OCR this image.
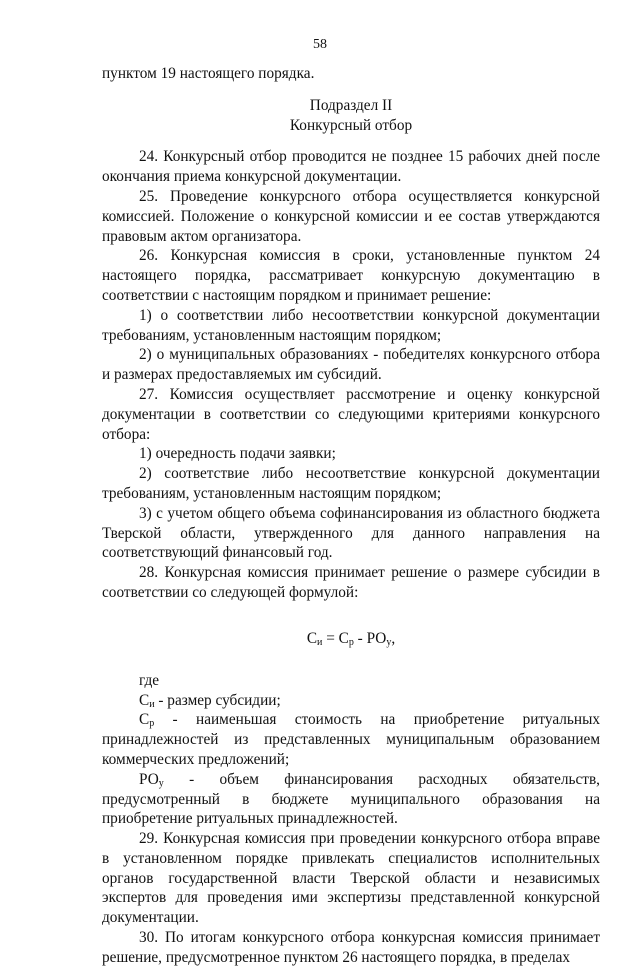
58

пунктом 19 настоящего порядка.

Подраздел II
Конкурсный отбор

24. Конкурсный отбор проводится не позднее 15 рабочих дней после окончания приема конкурсной документации.

25. Проведение конкурсного отбора осуществляется конкурсной комиссией. Положение о конкурсной комиссии и ее состав утверждаются правовым актом организатора.

26. Конкурсная комиссия в сроки, установленные пунктом 24 настоящего порядка, рассматривает конкурсную документацию в соответствии с настоящим порядком и принимает решение:

1) о соответствии либо несоответствии конкурсной документации требованиям, установленным настоящим порядком;

2) о муниципальных образованиях - победителях конкурсного отбора и размерах предоставляемых им субсидий.

27. Комиссия осуществляет рассмотрение и оценку конкурсной документации в соответствии со следующими критериями конкурсного отбора:

1) очередность подачи заявки;

2) соответствие либо несоответствие конкурсной документации требованиям, установленным настоящим порядком;

3) с учетом общего объема софинансирования из областного бюджета Тверской области, утвержденного для данного направления на соответствующий финансовый год.

28. Конкурсная комиссия принимает решение о размере субсидии в соответствии со следующей формулой:

$С_и = С_р - РО_у$,

где

$С_и$ - размер субсидии;

$С_р$ - наименьшая стоимость на приобретение ритуальных принадлежностей из представленных муниципальным образованием коммерческих предложений;

$РО_у$ - объем финансирования расходных обязательств, предусмотренный в бюджете муниципального образования на приобретение ритуальных принадлежностей.

29. Конкурсная комиссия при проведении конкурсного отбора вправе в установленном порядке привлекать специалистов исполнительных органов государственной власти Тверской области и независимых экспертов для проведения ими экспертизы представленной конкурсной документации.

30. По итогам конкурсного отбора конкурсная комиссия принимает решение, предусмотренное пунктом 26 настоящего порядка, в пределах
